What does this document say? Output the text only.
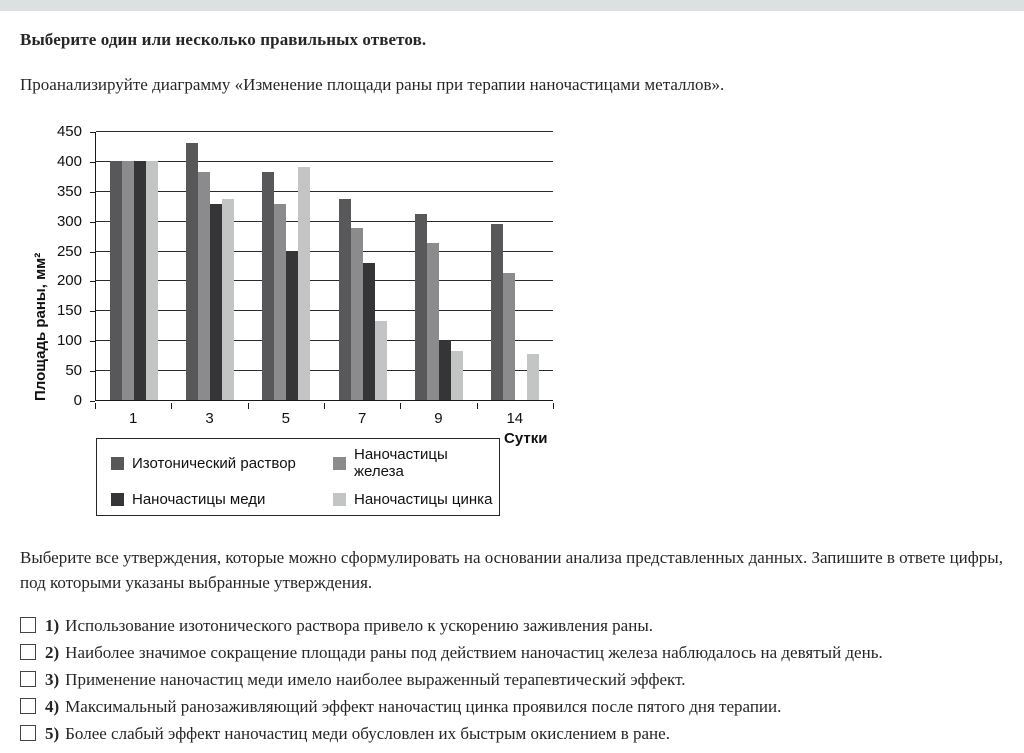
Выберите один или несколько правильных ответов.

Проанализируйте диаграмму «Изменение площади раны при терапии наночастицами металлов».

Площадь раны, мм²	0
50
100
150
200
250
300
350
400
450
1	3	5	7	9	14
Сутки
Изотонический раствор	Наночастицы железа
Наночастицы меди	Наночастицы цинка

Выберите все утверждения, которые можно сформулировать на основании анализа представленных данных. Запишите в ответе цифры, под которыми указаны выбранные утверждения.

1) Использование изотонического раствора привело к ускорению заживления раны.
2) Наиболее значимое сокращение площади раны под действием наночастиц железа наблюдалось на девятый день.
3) Применение наночастиц меди имело наиболее выраженный терапевтический эффект.
4) Максимальный ранозаживляющий эффект наночастиц цинка проявился после пятого дня терапии.
5) Более слабый эффект наночастиц меди обусловлен их быстрым окислением в ране.
